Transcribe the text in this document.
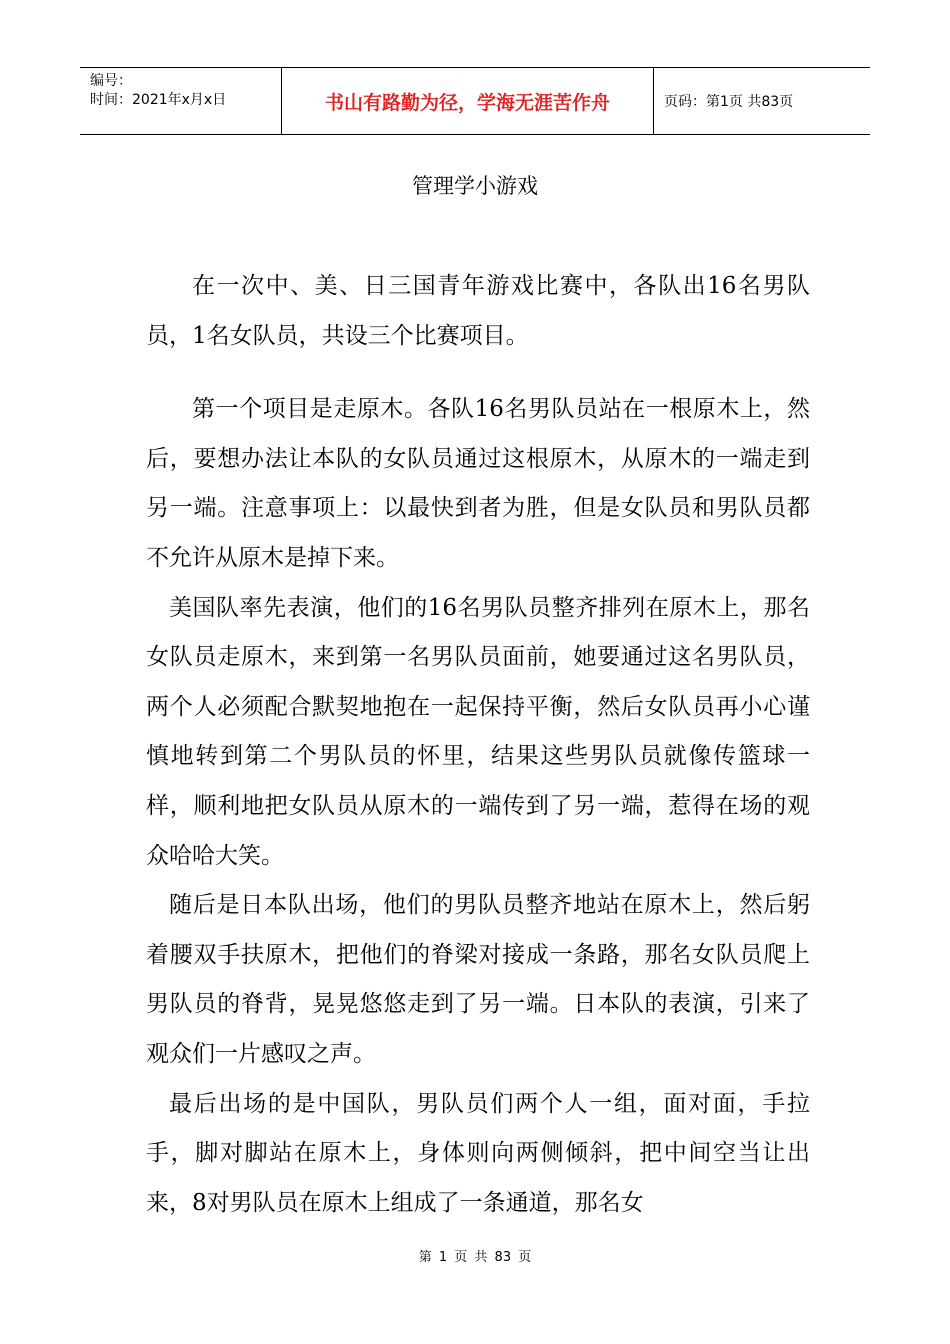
编号：
时间：2021年x月x日	书山有路勤为径，学海无涯苦作舟	页码：第1页 共83页
管理学小游戏

在一次中、美、日三国青年游戏比赛中，各队出16名男队员，1名女队员，共设三个比赛项目。

第一个项目是走原木。各队16名男队员站在一根原木上，然后，要想办法让本队的女队员通过这根原木，从原木的一端走到另一端。注意事项上：以最快到者为胜，但是女队员和男队员都不允许从原木是掉下来。

美国队率先表演，他们的16名男队员整齐排列在原木上，那名女队员走原木，来到第一名男队员面前，她要通过这名男队员，两个人必须配合默契地抱在一起保持平衡，然后女队员再小心谨慎地转到第二个男队员的怀里，结果这些男队员就像传篮球一样，顺利地把女队员从原木的一端传到了另一端，惹得在场的观众哈哈大笑。

随后是日本队出场，他们的男队员整齐地站在原木上，然后躬着腰双手扶原木，把他们的脊梁对接成一条路，那名女队员爬上男队员的脊背，晃晃悠悠走到了另一端。日本队的表演，引来了观众们一片感叹之声。

最后出场的是中国队，男队员们两个人一组，面对面，手拉手，脚对脚站在原木上，身体则向两侧倾斜，把中间空当让出来，8对男队员在原木上组成了一条通道，那名女

第 1 页 共 83 页
